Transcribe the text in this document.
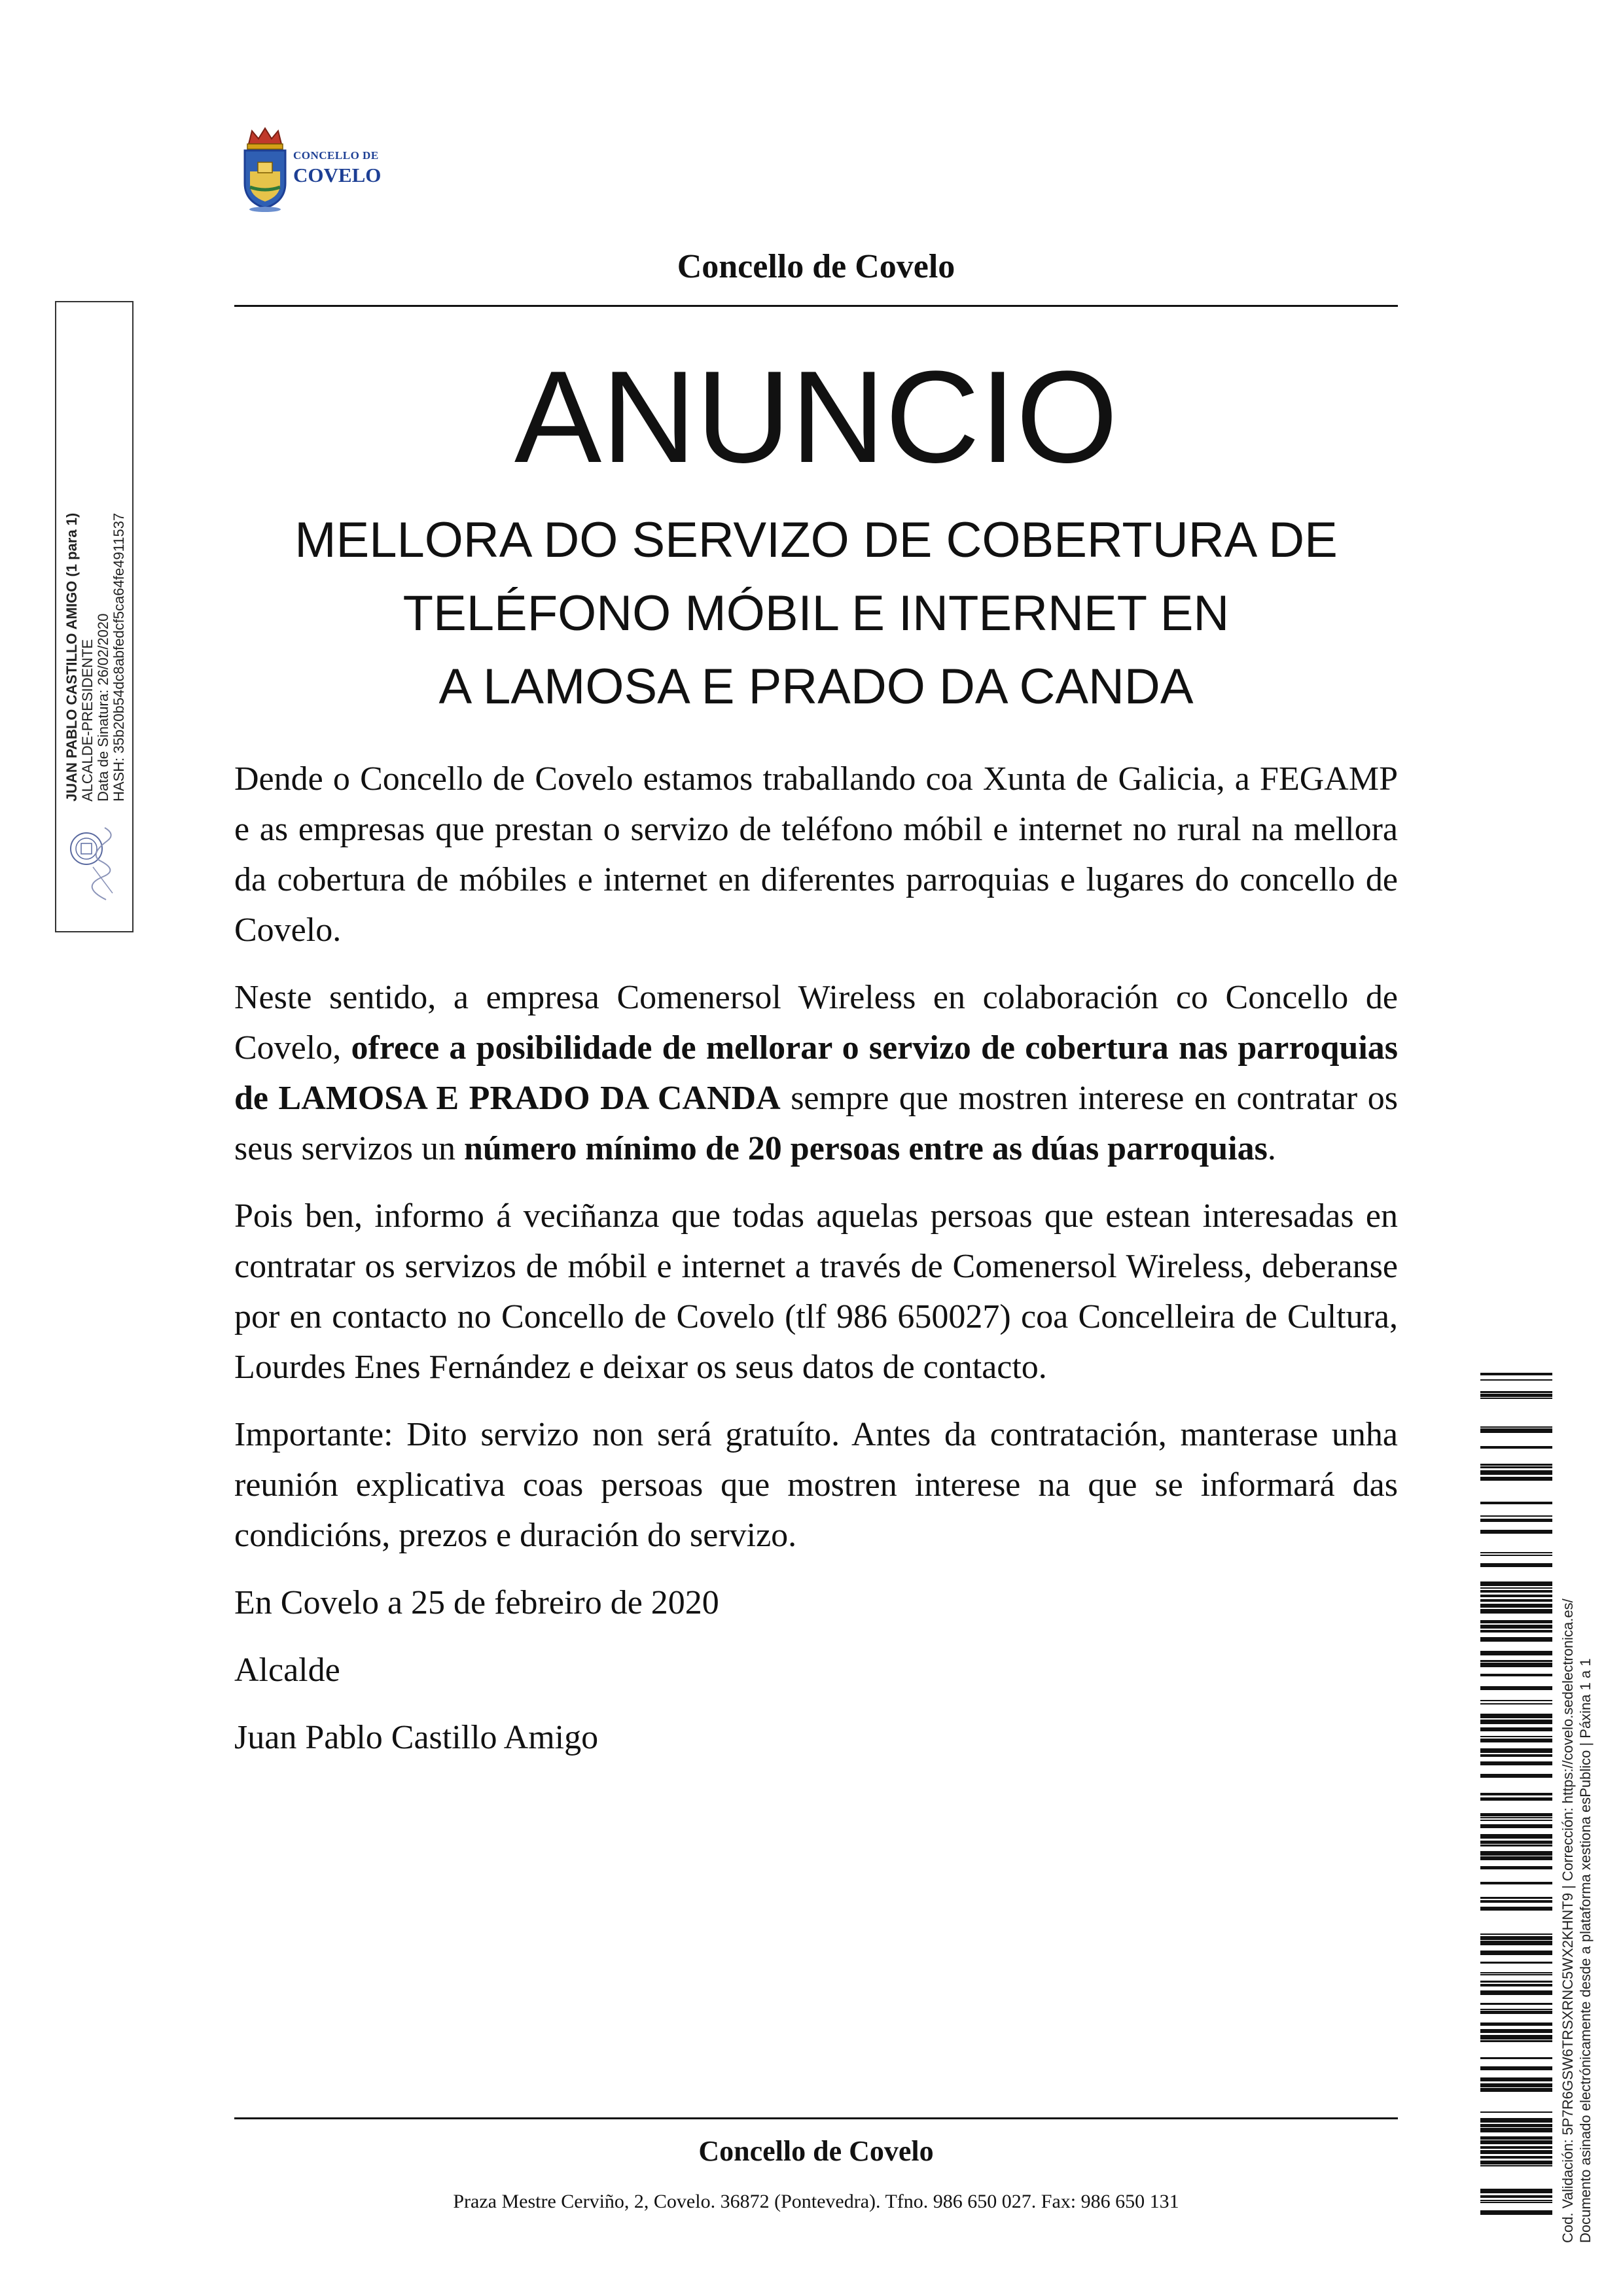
CONCELLO DE
COVELO
Concello de Covelo
ANUNCIO
MELLORA DO SERVIZO DE COBERTURA DE
TELÉFONO MÓBIL E INTERNET EN
A LAMOSA E PRADO DA CANDA

Dende o Concello de Covelo estamos traballando coa Xunta de Galicia, a FEGAMP e as empresas que prestan o servizo de teléfono móbil e internet no rural na mellora da cobertura de móbiles e internet en diferentes parroquias e lugares do concello de Covelo.

Neste sentido, a empresa Comenersol Wireless en colaboración co Concello de Covelo, ofrece a posibilidade de mellorar o servizo de cobertura nas parroquias de LAMOSA E PRADO DA CANDA sempre que mostren interese en contratar os seus servizos un número mínimo de 20 persoas entre as dúas parroquias.

Pois ben, informo á veciñanza que todas aquelas persoas que estean interesadas en contratar os servizos de móbil e internet a través de Comenersol Wireless, deberanse por en contacto no Concello de Covelo (tlf 986 650027) coa Concelleira de Cultura, Lourdes Enes Fernández e deixar os seus datos de contacto.

Importante: Dito servizo non será gratuíto. Antes da contratación, manterase unha reunión explicativa coas persoas que mostren interese na que se informará das condicións, prezos e duración do servizo.

En Covelo a 25 de febreiro de 2020

Alcalde

Juan Pablo Castillo Amigo

Concello de Covelo
Praza Mestre Cerviño, 2, Covelo. 36872 (Pontevedra). Tfno. 986 650 027. Fax: 986 650 131
JUAN PABLO CASTILLO AMIGO (1 para 1) ALCALDE-PRESIDENTE Data de Sinatura: 26/02/2020 HASH: 35b20b54dc8abfedcf5ca64fe4911537
Cod. Validación: 5P7R6GSW6TRSXRNC5WX2KHNT9 | Corrección: https://covelo.sedelectronica.es/ Documento asinado electrónicamente desde a plataforma xestiona esPublico | Páxina 1 a 1
